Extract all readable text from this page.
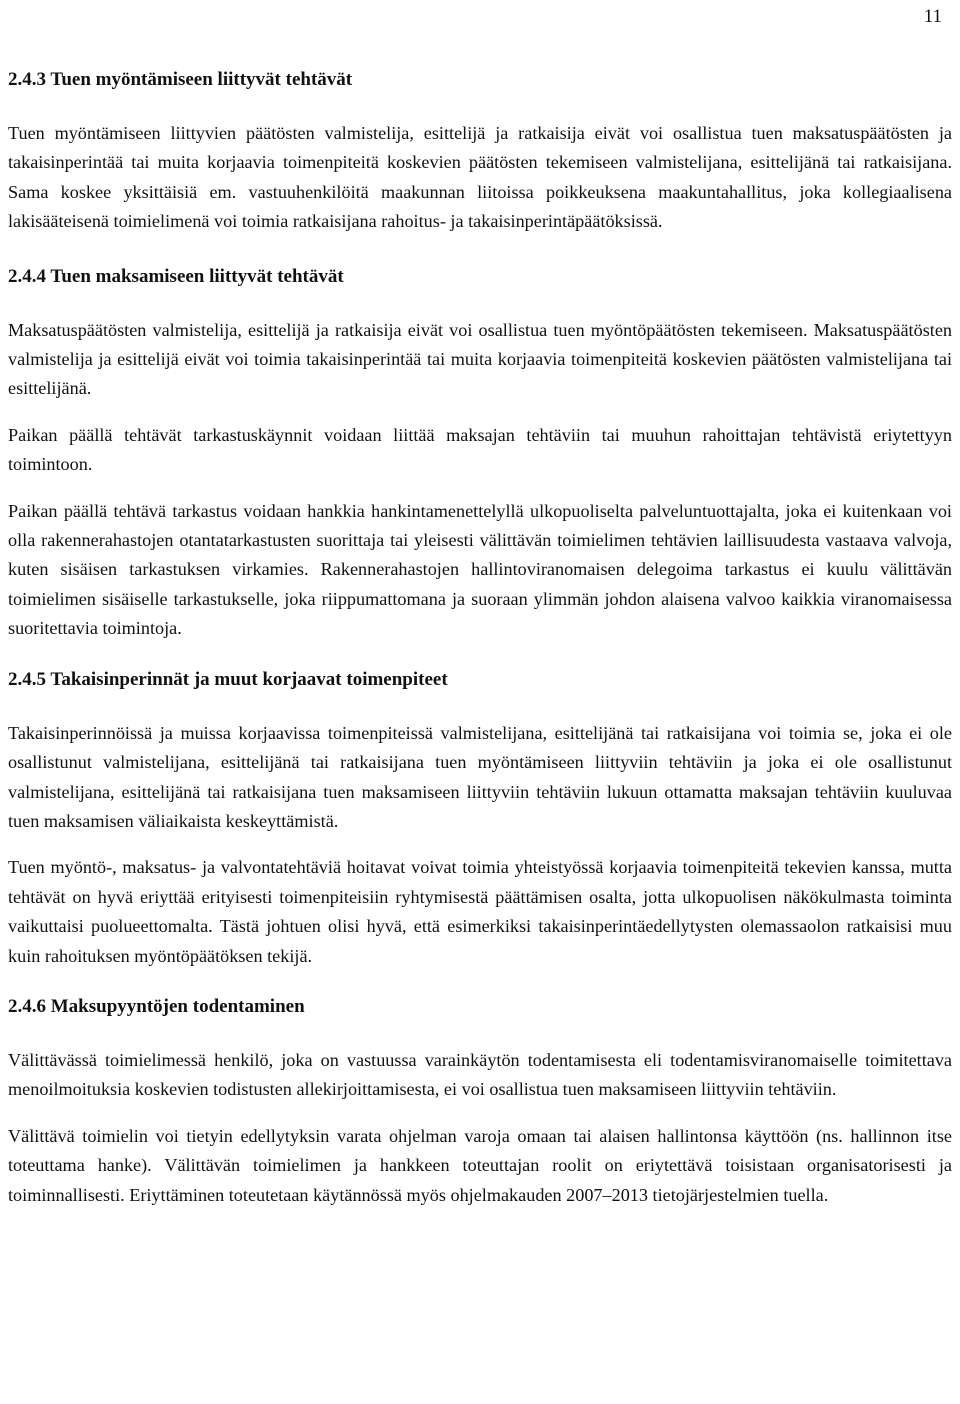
11
2.4.3 Tuen myöntämiseen liittyvät tehtävät

Tuen myöntämiseen liittyvien päätösten valmistelija, esittelijä ja ratkaisija eivät voi osallistua tuen maksatuspäätösten ja takaisinperintää tai muita korjaavia toimenpiteitä koskevien päätösten tekemiseen valmistelijana, esittelijänä tai ratkaisijana. Sama koskee yksittäisiä em. vastuuhenkilöitä maakunnan liitoissa poikkeuksena maakuntahallitus, joka kollegiaalisena lakisääteisenä toimielimenä voi toimia ratkaisijana rahoitus- ja takaisinperintäpäätöksissä.

2.4.4 Tuen maksamiseen liittyvät tehtävät

Maksatuspäätösten valmistelija, esittelijä ja ratkaisija eivät voi osallistua tuen myöntöpäätösten tekemiseen. Maksatuspäätösten valmistelija ja esittelijä eivät voi toimia takaisinperintää tai muita korjaavia toimenpiteitä koskevien päätösten valmistelijana tai esittelijänä.

Paikan päällä tehtävät tarkastuskäynnit voidaan liittää maksajan tehtäviin tai muuhun rahoittajan tehtävistä eriytettyyn toimintoon.

Paikan päällä tehtävä tarkastus voidaan hankkia hankintamenettelyllä ulkopuoliselta palveluntuottajalta, joka ei kuitenkaan voi olla rakennerahastojen otantatarkastusten suorittaja tai yleisesti välittävän toimielimen tehtävien laillisuudesta vastaava valvoja, kuten sisäisen tarkastuksen virkamies. Rakennerahastojen hallintoviranomaisen delegoima tarkastus ei kuulu välittävän toimielimen sisäiselle tarkastukselle, joka riippumattomana ja suoraan ylimmän johdon alaisena valvoo kaikkia viranomaisessa suoritettavia toimintoja.

2.4.5 Takaisinperinnät ja muut korjaavat toimenpiteet

Takaisinperinnöissä ja muissa korjaavissa toimenpiteissä valmistelijana, esittelijänä tai ratkaisijana voi toimia se, joka ei ole osallistunut valmistelijana, esittelijänä tai ratkaisijana tuen myöntämiseen liittyviin tehtäviin ja joka ei ole osallistunut valmistelijana, esittelijänä tai ratkaisijana tuen maksamiseen liittyviin tehtäviin lukuun ottamatta maksajan tehtäviin kuuluvaa tuen maksamisen väliaikaista keskeyttämistä.

Tuen myöntö-, maksatus- ja valvontatehtäviä hoitavat voivat toimia yhteistyössä korjaavia toimenpiteitä tekevien kanssa, mutta tehtävät on hyvä eriyttää erityisesti toimenpiteisiin ryhtymisestä päättämisen osalta, jotta ulkopuolisen näkökulmasta toiminta vaikuttaisi puolueettomalta. Tästä johtuen olisi hyvä, että esimerkiksi takaisinperintäedellytysten olemassaolon ratkaisisi muu kuin rahoituksen myöntöpäätöksen tekijä.

2.4.6 Maksupyyntöjen todentaminen

Välittävässä toimielimessä henkilö, joka on vastuussa varainkäytön todentamisesta eli todentamisviranomaiselle toimitettava menoilmoituksia koskevien todistusten allekirjoittamisesta, ei voi osallistua tuen maksamiseen liittyviin tehtäviin.

Välittävä toimielin voi tietyin edellytyksin varata ohjelman varoja omaan tai alaisen hallintonsa käyttöön (ns. hallinnon itse toteuttama hanke). Välittävän toimielimen ja hankkeen toteuttajan roolit on eriytettävä toisistaan organisatorisesti ja toiminnallisesti. Eriyttäminen toteutetaan käytännössä myös ohjelmakauden 2007–2013 tietojärjestelmien tuella.
